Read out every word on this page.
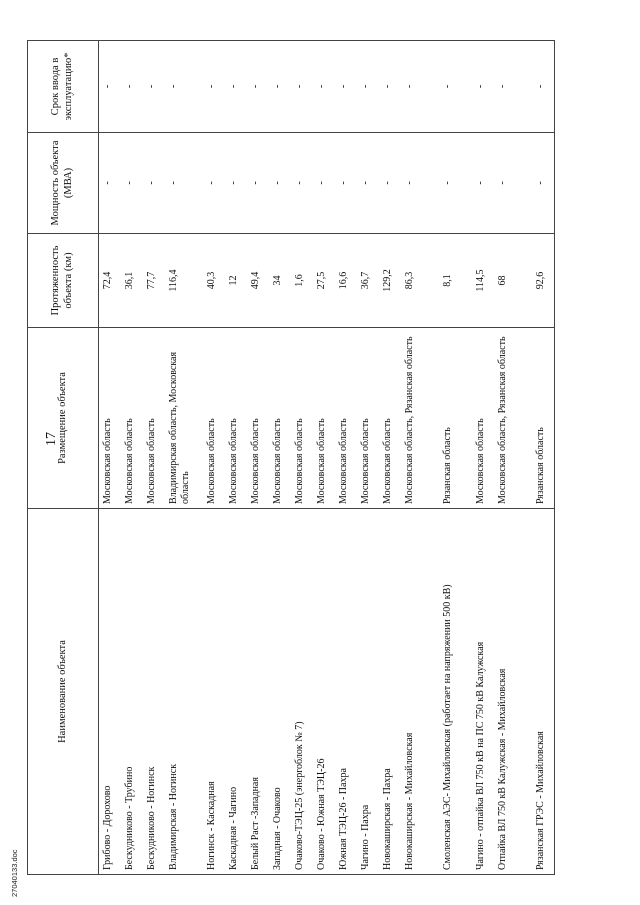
17
Наименование объекта	Размещение объекта	Протяженность объекта (км)	Мощность объекта (МВА)	Срок ввода в эксплуатацию*
Грибово - Дорохово	Московская область	72,4	-	-
Бескудниково - Трубино	Московская область	36,1	-	-
Бескудниково - Ногинск	Московская область	77,7	-	-
Владимирская - Ногинск	Владимирская область, Московская область	116,4	-	-
Ногинск - Каскадная	Московская область	40,3	-	-
Каскадная - Чагино	Московская область	12	-	-
Белый Раст -Западная	Московская область	49,4	-	-
Западная - Очаково	Московская область	34	-	-
Очаково-ТЭЦ-25 (энергоблок № 7)	Московская область	1,6	-	-
Очаково - Южная ТЭЦ-26	Московская область	27,5	-	-
Южная ТЭЦ-26 - Пахра	Московская область	16,6	-	-
Чагино - Пахра	Московская область	36,7	-	-
Новокаширская - Пахра	Московская область	129,2	-	-
Новокаширская - Михайловская	Московская область, Рязанская область	86,3	-	-
Смоленская АЭС- Михайловская (работает на напряжении 500 кВ)	Рязанская область	8,1	-	-
Чагино - отпайка ВЛ 750 кВ на ПС 750 кВ Калужская	Московская область	114,5	-	-
Отпайка ВЛ 750 кВ Калужская - Михайловская	Московская область, Рязанская область	68	-	-
Рязанская ГРЭС - Михайловская	Рязанская область	92,6	-	-
27040133.doc
